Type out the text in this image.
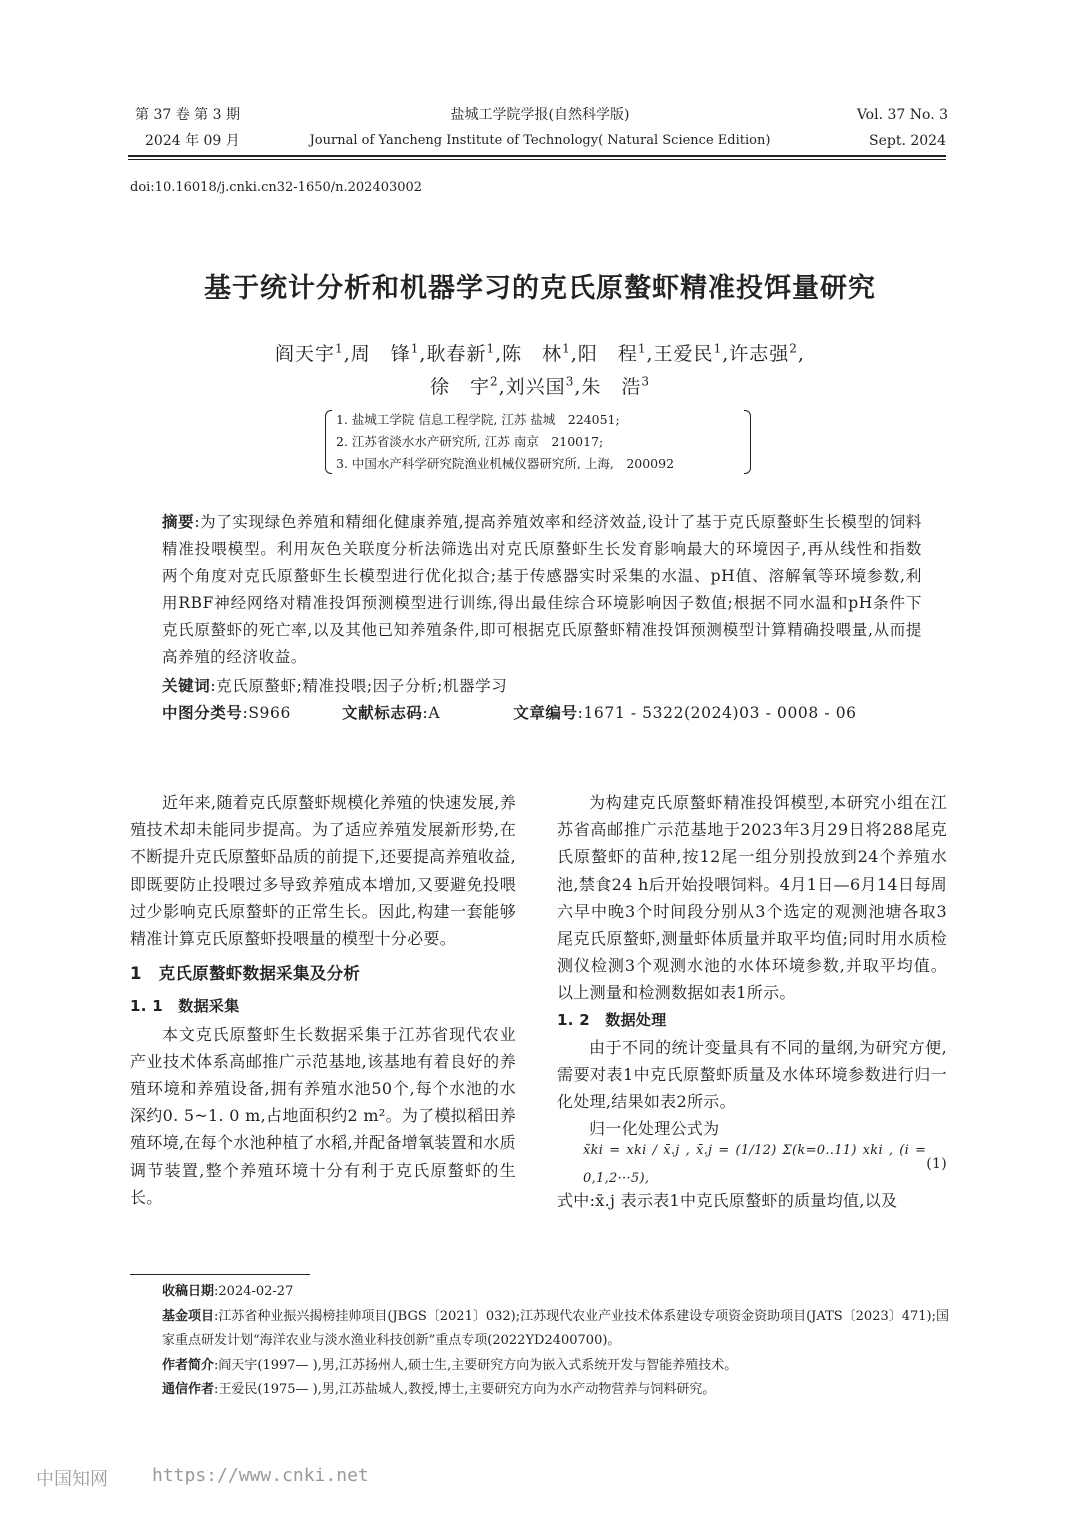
第 37 卷 第 3 期	盐城工学院学报(自然科学版)	Vol. 37 No. 3
2024 年 09 月	Journal of Yancheng Institute of Technology( Natural Science Edition)	Sept. 2024
doi:10.16018/j.cnki.cn32-1650/n.202403002
基于统计分析和机器学习的克氏原螯虾精准投饵量研究
阎天宇$^1$,周　锋$^1$,耿春新$^1$,陈　林$^1$,阳　程$^1$,王爱民$^1$,许志强$^2$,
徐　宇$^2$,刘兴国$^3$,朱　浩$^3$
1. 盐城工学院 信息工程学院, 江苏 盐城　224051;
2. 江苏省淡水水产研究所, 江苏 南京　210017;
3. 中国水产科学研究院渔业机械仪器研究所, 上海,　200092

摘要:为了实现绿色养殖和精细化健康养殖,提高养殖效率和经济效益,设计了基于克氏原螯虾生长模型的饲料精准投喂模型。利用灰色关联度分析法筛选出对克氏原螯虾生长发育影响最大的环境因子,再从线性和指数两个角度对克氏原螯虾生长模型进行优化拟合;基于传感器实时采集的水温、pH值、溶解氧等环境参数,利用RBF神经网络对精准投饵预测模型进行训练,得出最佳综合环境影响因子数值;根据不同水温和pH条件下克氏原螯虾的死亡率,以及其他已知养殖条件,即可根据克氏原螯虾精准投饵预测模型计算精确投喂量,从而提高养殖的经济收益。

关键词:克氏原螯虾;精准投喂;因子分析;机器学习

中图分类号:S966	文献标志码:A	文章编号:1671 - 5322(2024)03 - 0008 - 06

近年来,随着克氏原螯虾规模化养殖的快速发展,养殖技术却未能同步提高。为了适应养殖发展新形势,在不断提升克氏原螯虾品质的前提下,还要提高养殖收益,即既要防止投喂过多导致养殖成本增加,又要避免投喂过少影响克氏原螯虾的正常生长。因此,构建一套能够精准计算克氏原螯虾投喂量的模型十分必要。

1　克氏原螯虾数据采集及分析

1. 1　数据采集

本文克氏原螯虾生长数据采集于江苏省现代农业产业技术体系高邮推广示范基地,该基地有着良好的养殖环境和养殖设备,拥有养殖水池50个,每个水池的水深约0. 5~1. 0 m,占地面积约2 m²。为了模拟稻田养殖环境,在每个水池种植了水稻,并配备增氧装置和水质调节装置,整个养殖环境十分有利于克氏原螯虾的生长。

为构建克氏原螯虾精准投饵模型,本研究小组在江苏省高邮推广示范基地于2023年3月29日将288尾克氏原螯虾的苗种,按12尾一组分别投放到24个养殖水池,禁食24 h后开始投喂饲料。4月1日—6月14日每周六早中晚3个时间段分别从3个选定的观测池塘各取3尾克氏原螯虾,测量虾体质量并取平均值;同时用水质检测仪检测3个观测水池的水体环境参数,并取平均值。以上测量和检测数据如表1所示。

1. 2　数据处理

由于不同的统计变量具有不同的量纲,为研究方便,需要对表1中克氏原螯虾质量及水体环境参数进行归一化处理,结果如表2所示。

归一化处理公式为

x̃ki = xki / x̄.j , x̄.j = (1/12) Σ(k=0..11) xki , (i = 0,1,2···5),
(1)

式中:x̄.j 表示表1中克氏原螯虾的质量均值,以及

收稿日期:2024-02-27

基金项目:江苏省种业振兴揭榜挂帅项目(JBGS〔2021〕032);江苏现代农业产业技术体系建设专项资金资助项目(JATS〔2023〕471);国家重点研发计划“海洋农业与淡水渔业科技创新”重点专项(2022YD2400700)。

作者简介:阎天宇(1997— ),男,江苏扬州人,硕士生,主要研究方向为嵌入式系统开发与智能养殖技术。

通信作者:王爱民(1975— ),男,江苏盐城人,教授,博士,主要研究方向为水产动物营养与饲料研究。

中国知网 https://www.cnki.net
